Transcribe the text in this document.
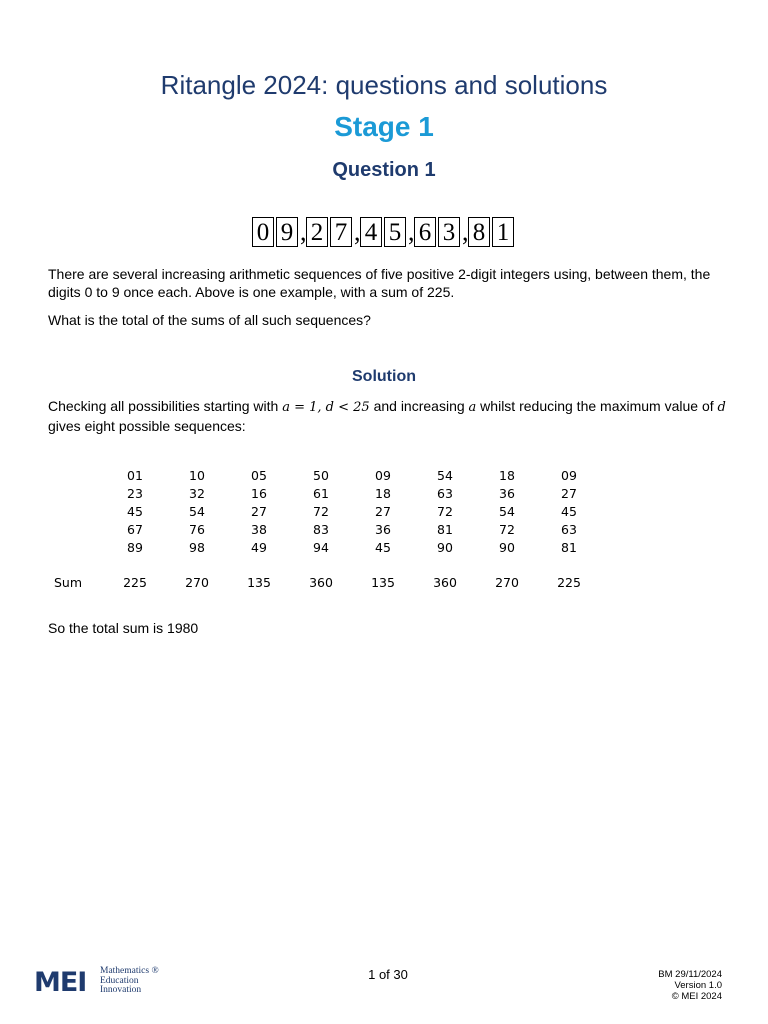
Ritangle 2024: questions and solutions
Stage 1
Question 1
0 9 , 2 7 , 4 5 , 6 3 , 8 1
There are several increasing arithmetic sequences of five positive 2-digit integers using, between them, the digits 0 to 9 once each. Above is one example, with a sum of 225.
What is the total of the sums of all such sequences?
Solution
Checking all possibilities starting with a = 1, d < 25 and increasing a whilst reducing the maximum value of d gives eight possible sequences:
	01	10	05	50	09	54	18	09
	23	32	16	61	18	63	36	27
	45	54	27	72	27	72	54	45
	67	76	38	83	36	81	72	63
	89	98	49	94	45	90	90	81

Sum	225	270	135	360	135	360	270	225
So the total sum is 1980
MEI Mathematics ®
Education
Innovation
1 of 30	BM 29/11/2024
Version 1.0
© MEI 2024
